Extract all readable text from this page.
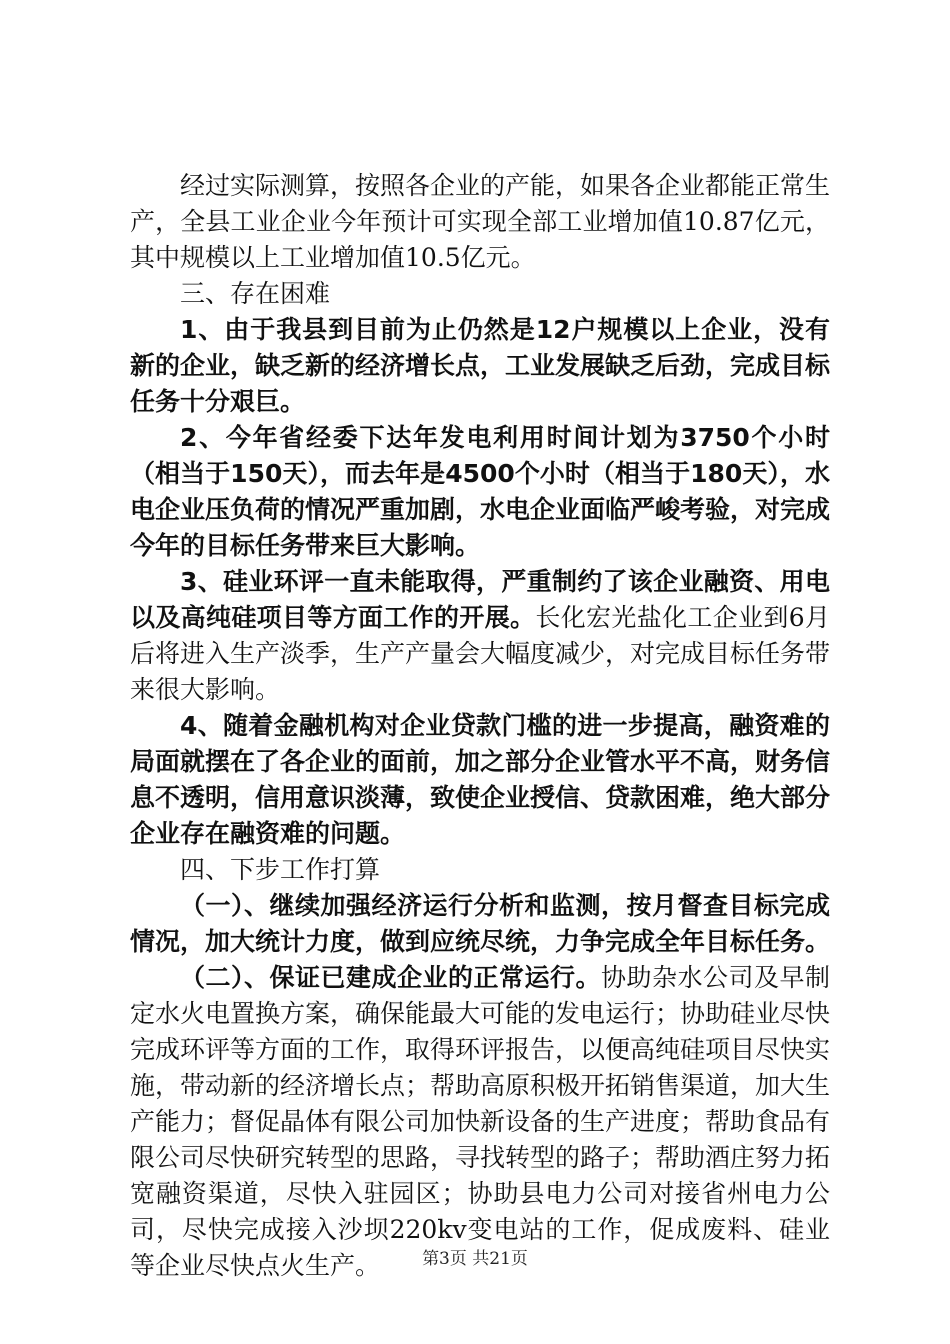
经过实际测算，按照各企业的产能，如果各企业都能正常生产，全县工业企业今年预计可实现全部工业增加值10.87亿元，其中规模以上工业增加值10.5亿元。

三、存在困难

1、由于我县到目前为止仍然是12户规模以上企业，没有新的企业，缺乏新的经济增长点，工业发展缺乏后劲，完成目标任务十分艰巨。

2、今年省经委下达年发电利用时间计划为3750个小时（相当于150天），而去年是4500个小时（相当于180天），水电企业压负荷的情况严重加剧，水电企业面临严峻考验，对完成今年的目标任务带来巨大影响。

3、硅业环评一直未能取得，严重制约了该企业融资、用电以及高纯硅项目等方面工作的开展。长化宏光盐化工企业到6月后将进入生产淡季，生产产量会大幅度减少，对完成目标任务带来很大影响。

4、随着金融机构对企业贷款门槛的进一步提高，融资难的局面就摆在了各企业的面前，加之部分企业管水平不高，财务信息不透明，信用意识淡薄，致使企业授信、贷款困难，绝大部分企业存在融资难的问题。

四、下步工作打算

（一）、继续加强经济运行分析和监测，按月督查目标完成情况，加大统计力度，做到应统尽统，力争完成全年目标任务。

（二）、保证已建成企业的正常运行。协助杂水公司及早制定水火电置换方案，确保能最大可能的发电运行；协助硅业尽快完成环评等方面的工作，取得环评报告，以便高纯硅项目尽快实施，带动新的经济增长点；帮助高原积极开拓销售渠道，加大生产能力；督促晶体有限公司加快新设备的生产进度；帮助食品有限公司尽快研究转型的思路，寻找转型的路子；帮助酒庄努力拓宽融资渠道，尽快入驻园区；协助县电力公司对接省州电力公司，尽快完成接入沙坝220kv变电站的工作，促成废料、硅业等企业尽快点火生产。	第3页 共21页
